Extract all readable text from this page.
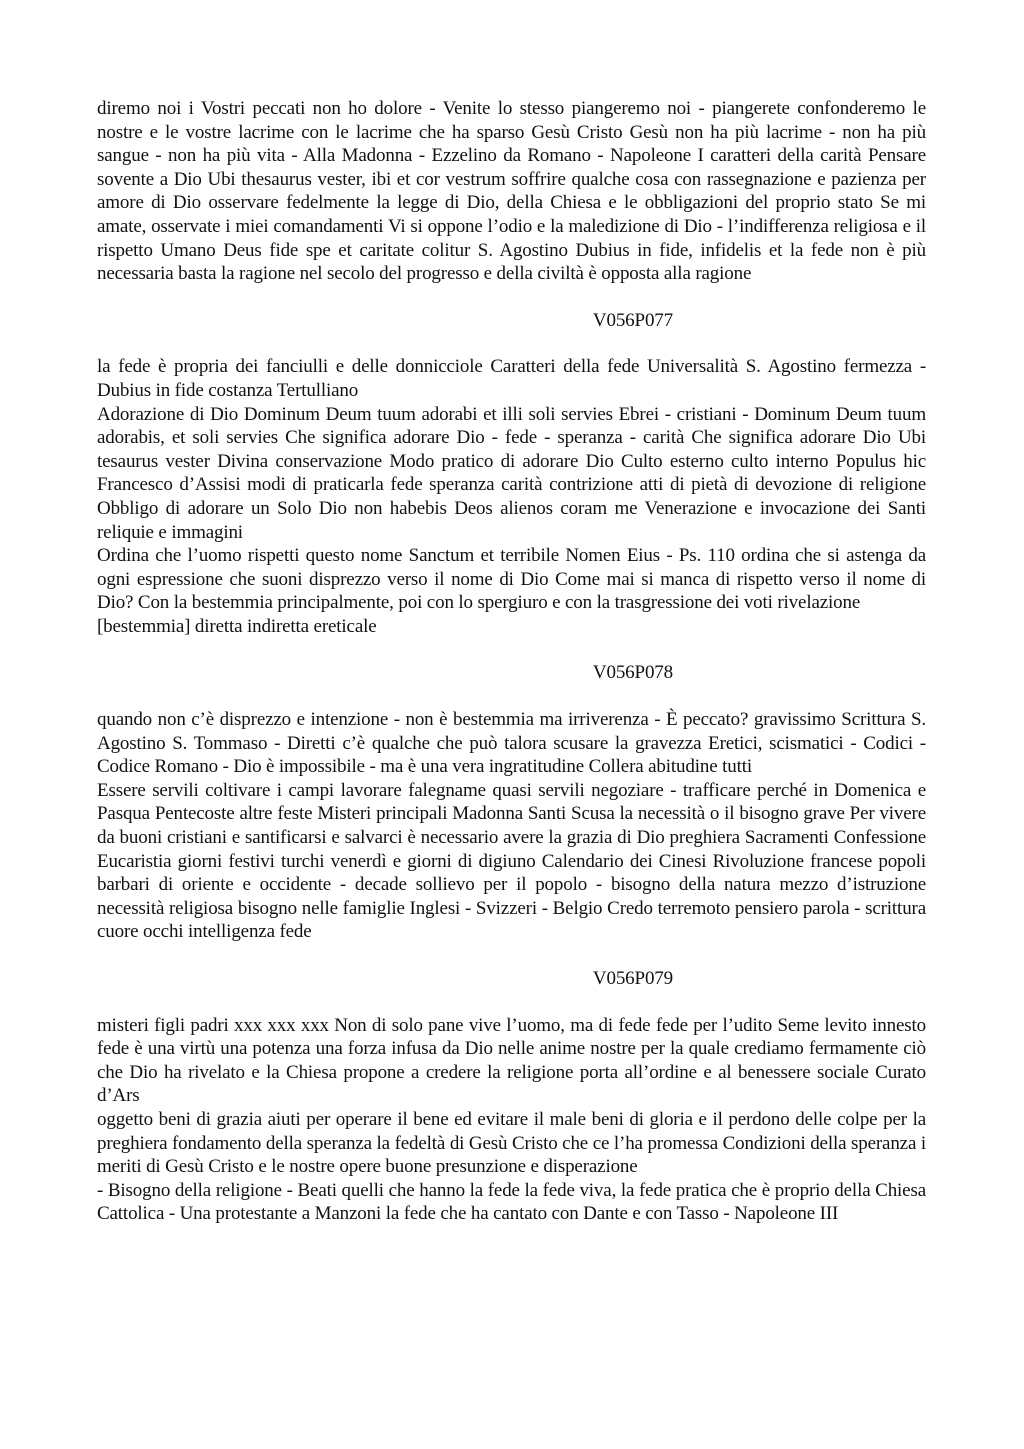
diremo noi i Vostri peccati non ho dolore - Venite lo stesso piangeremo noi - piangerete confonderemo le nostre e le vostre lacrime con le lacrime che ha sparso Gesù Cristo Gesù non ha più lacrime - non ha più sangue - non ha più vita - Alla Madonna - Ezzelino da Romano - Napoleone I caratteri della carità Pensare sovente a Dio Ubi thesaurus vester, ibi et cor vestrum soffrire qualche cosa con rassegnazione e pazienza per amore di Dio osservare fedelmente la legge di Dio, della Chiesa e le obbligazioni del proprio stato Se mi amate, osservate i miei comandamenti Vi si oppone l’odio e la maledizione di Dio - l’indifferenza religiosa e il rispetto Umano Deus fide spe et caritate colitur S. Agostino Dubius in fide, infidelis et la fede non è più necessaria basta la ragione nel secolo del progresso e della civiltà è opposta alla ragione

V056P077

la fede è propria dei fanciulli e delle donnicciole Caratteri della fede Universalità S. Agostino fermezza - Dubius in fide costanza Tertulliano

Adorazione di Dio Dominum Deum tuum adorabi et illi soli servies Ebrei - cristiani - Dominum Deum tuum adorabis, et soli servies Che significa adorare Dio - fede - speranza - carità Che significa adorare Dio Ubi tesaurus vester Divina conservazione Modo pratico di adorare Dio Culto esterno culto interno Populus hic Francesco d’Assisi modi di praticarla fede speranza carità contrizione atti di pietà di devozione di religione Obbligo di adorare un Solo Dio non habebis Deos alienos coram me Venerazione e invocazione dei Santi reliquie e immagini

Ordina che l’uomo rispetti questo nome Sanctum et terribile Nomen Eius - Ps. 110 ordina che si astenga da ogni espressione che suoni disprezzo verso il nome di Dio Come mai si manca di rispetto verso il nome di Dio? Con la bestemmia principalmente, poi con lo spergiuro e con la trasgressione dei voti rivelazione

[bestemmia] diretta indiretta ereticale

V056P078

quando non c’è disprezzo e intenzione - non è bestemmia ma irriverenza - È peccato? gravissimo Scrittura S. Agostino S. Tommaso - Diretti c’è qualche che può talora scusare la gravezza Eretici, scismatici - Codici - Codice Romano - Dio è impossibile - ma è una vera ingratitudine Collera abitudine tutti

Essere servili coltivare i campi lavorare falegname quasi servili negoziare - trafficare perché in Domenica e Pasqua Pentecoste altre feste Misteri principali Madonna Santi Scusa la necessità o il bisogno grave Per vivere da buoni cristiani e santificarsi e salvarci è necessario avere la grazia di Dio preghiera Sacramenti Confessione Eucaristia giorni festivi turchi venerdì e giorni di digiuno Calendario dei Cinesi Rivoluzione francese popoli barbari di oriente e occidente - decade sollievo per il popolo - bisogno della natura mezzo d’istruzione necessità religiosa bisogno nelle famiglie Inglesi - Svizzeri - Belgio Credo terremoto pensiero parola - scrittura cuore occhi intelligenza fede

V056P079

misteri figli padri xxx xxx xxx Non di solo pane vive l’uomo, ma di fede fede per l’udito Seme levito innesto fede è una virtù una potenza una forza infusa da Dio nelle anime nostre per la quale crediamo fermamente ciò che Dio ha rivelato e la Chiesa propone a credere la religione porta all’ordine e al benessere sociale Curato d’Ars

oggetto beni di grazia aiuti per operare il bene ed evitare il male beni di gloria e il perdono delle colpe per la preghiera fondamento della speranza la fedeltà di Gesù Cristo che ce l’ha promessa Condizioni della speranza i meriti di Gesù Cristo e le nostre opere buone presunzione e disperazione

- Bisogno della religione - Beati quelli che hanno la fede la fede viva, la fede pratica che è proprio della Chiesa Cattolica - Una protestante a Manzoni la fede che ha cantato con Dante e con Tasso - Napoleone III
